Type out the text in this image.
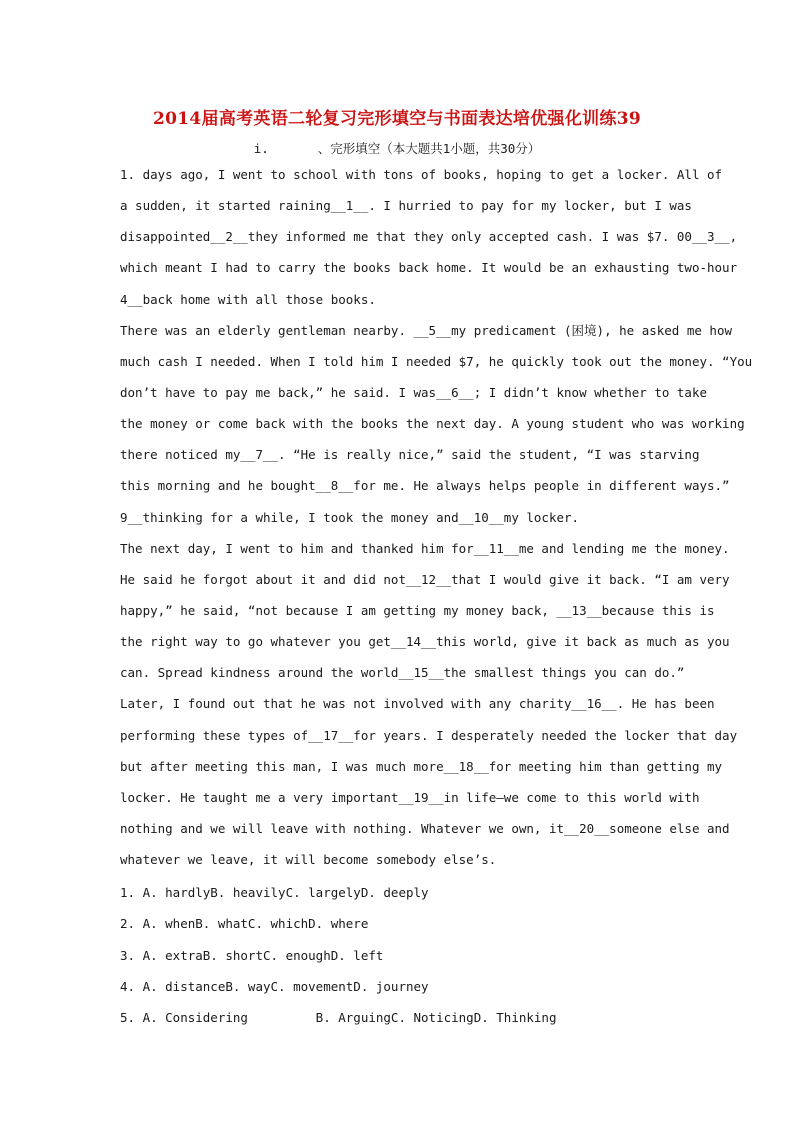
2014届高考英语二轮复习完形填空与书面表达培优强化训练39
i.	、完形填空（本大题共1小题，共30分）
1. days ago, I went to school with tons of books, hoping to get a locker. All of
a sudden, it started raining__1__. I hurried to pay for my locker, but I was
disappointed__2__they informed me that they only accepted cash. I was $7. 00__3__,
which meant I had to carry the books back home. It would be an exhausting two-hour
4__back home with all those books.
There was an elderly gentleman nearby. __5__my predicament (困境), he asked me how
much cash I needed. When I told him I needed $7, he quickly took out the money. “You
don’t have to pay me back,” he said. I was__6__; I didn’t know whether to take
the money or come back with the books the next day. A young student who was working
there noticed my__7__. “He is really nice,” said the student, “I was starving
this morning and he bought__8__for me. He always helps people in different ways.”
9__thinking for a while, I took the money and__10__my locker.
The next day, I went to him and thanked him for__11__me and lending me the money.
He said he forgot about it and did not__12__that I would give it back. “I am very
happy,” he said, “not because I am getting my money back, __13__because this is
the right way to go whatever you get__14__this world, give it back as much as you
can. Spread kindness around the world__15__the smallest things you can do.”
Later, I found out that he was not involved with any charity__16__. He has been
performing these types of__17__for years. I desperately needed the locker that day
but after meeting this man, I was much more__18__for meeting him than getting my
locker. He taught me a very important__19__in life—we come to this world with
nothing and we will leave with nothing. Whatever we own, it__20__someone else and
whatever we leave, it will become somebody else’s.
1. A. hardlyB. heavilyC. largelyD. deeply
2. A. whenB. whatC. whichD. where
3. A. extraB. shortC. enoughD. left
4. A. distanceB. wayC. movementD. journey
5. A. Considering         B. ArguingC. NoticingD. Thinking
